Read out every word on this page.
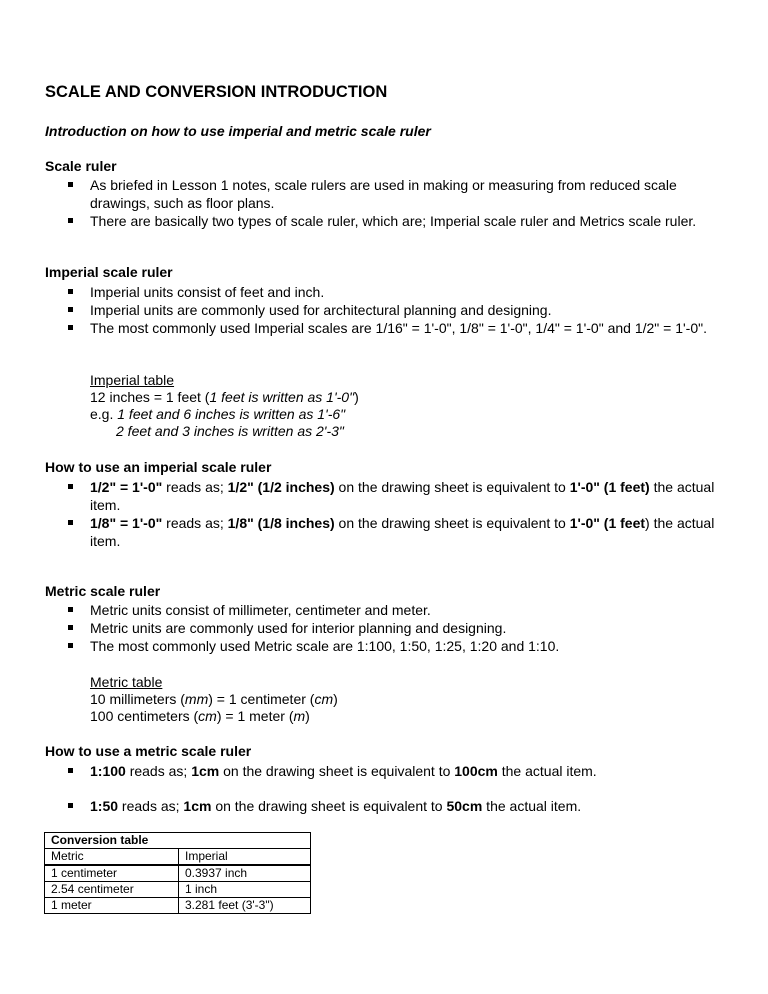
SCALE AND CONVERSION INTRODUCTION

Introduction on how to use imperial and metric scale ruler

Scale ruler

As briefed in Lesson 1 notes, scale rulers are used in making or measuring from reduced scale drawings, such as floor plans.
There are basically two types of scale ruler, which are; Imperial scale ruler and Metrics scale ruler.

Imperial scale ruler

Imperial units consist of feet and inch.
Imperial units are commonly used for architectural planning and designing.
The most commonly used Imperial scales are 1/16" = 1'-0", 1/8" = 1'-0", 1/4" = 1'-0" and 1/2" = 1'-0".
Imperial table
12 inches = 1 feet (1 feet is written as 1'-0")
e.g. 1 feet and 6 inches is written as 1'-6"
2 feet and 3 inches is written as 2'-3"

How to use an imperial scale ruler

1/2" = 1'-0" reads as; 1/2" (1/2 inches) on the drawing sheet is equivalent to 1'-0" (1 feet) the actual item.
1/8" = 1'-0" reads as; 1/8" (1/8 inches) on the drawing sheet is equivalent to 1'-0" (1 feet) the actual item.

Metric scale ruler

Metric units consist of millimeter, centimeter and meter.
Metric units are commonly used for interior planning and designing.
The most commonly used Metric scale are 1:100, 1:50, 1:25, 1:20 and 1:10.
Metric table
10 millimeters (mm) = 1 centimeter (cm)
100 centimeters (cm) = 1 meter (m)

How to use a metric scale ruler

1:100 reads as; 1cm on the drawing sheet is equivalent to 100cm the actual item.
1:50 reads as; 1cm on the drawing sheet is equivalent to 50cm the actual item.
Conversion table	
Metric	Imperial
1 centimeter	0.3937 inch
2.54 centimeter	1 inch
1 meter	3.281 feet (3'-3")
